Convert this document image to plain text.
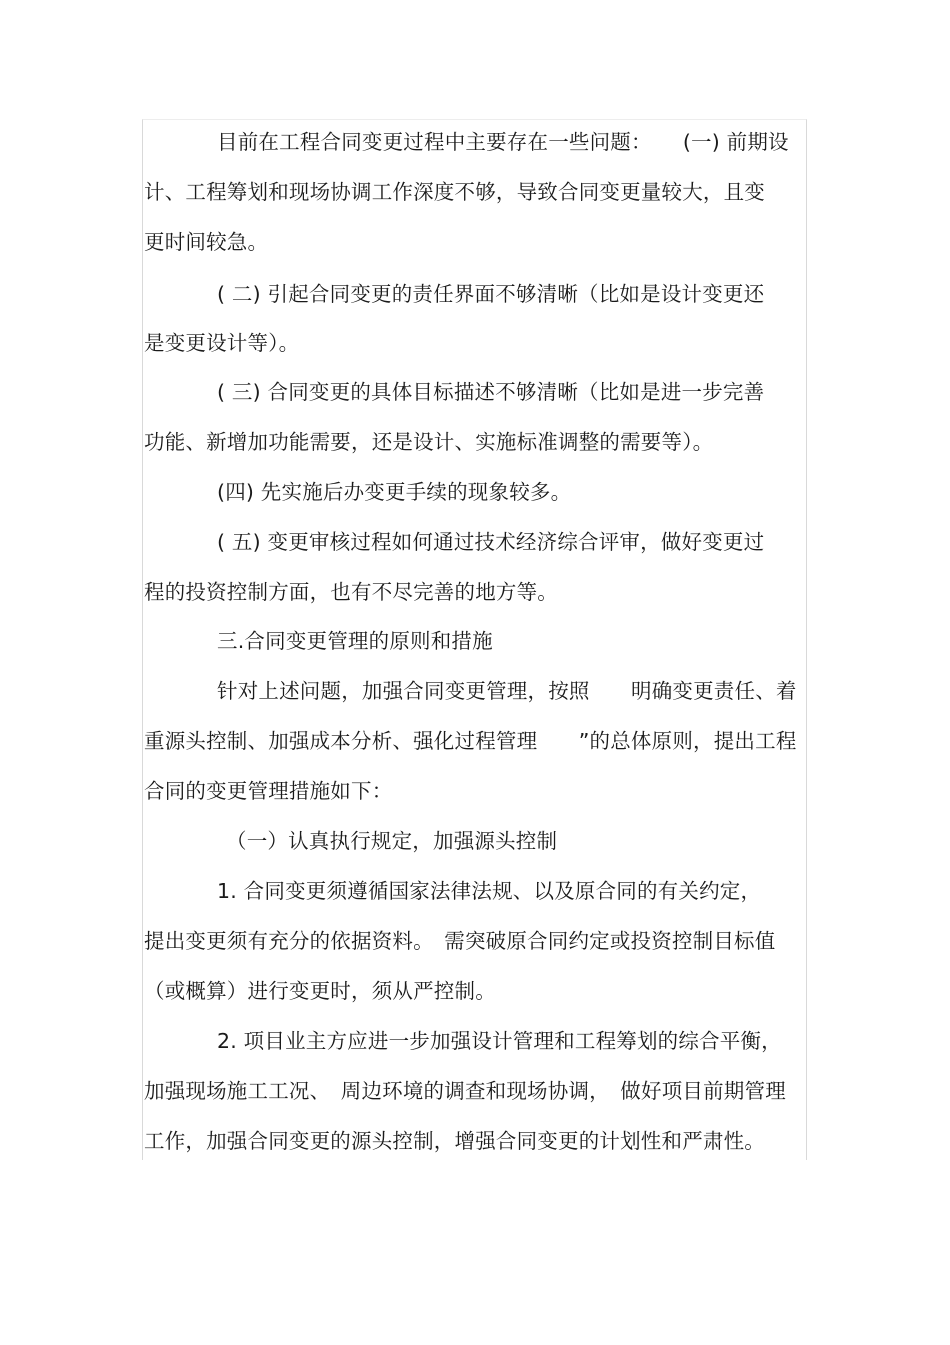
目前在工程合同变更过程中主要存在一些问题：　　(一) 前期设
计、工程筹划和现场协调工作深度不够，导致合同变更量较大，且变
更时间较急。
( 二) 引起合同变更的责任界面不够清晰（比如是设计变更还
是变更设计等）。
( 三) 合同变更的具体目标描述不够清晰（比如是进一步完善
功能、新增加功能需要，还是设计、实施标准调整的需要等）。
(四) 先实施后办变更手续的现象较多。
( 五) 变更审核过程如何通过技术经济综合评审，做好变更过
程的投资控制方面，也有不尽完善的地方等。
三.合同变更管理的原则和措施
针对上述问题，加强合同变更管理，按照　　明确变更责任、着
重源头控制、加强成本分析、强化过程管理　　”的总体原则，提出工程
合同的变更管理措施如下：
（一）认真执行规定，加强源头控制
1. 合同变更须遵循国家法律法规、以及原合同的有关约定，
提出变更须有充分的依据资料。　需突破原合同约定或投资控制目标值
（或概算）进行变更时，须从严控制。
2. 项目业主方应进一步加强设计管理和工程筹划的综合平衡，
加强现场施工工况、　周边环境的调查和现场协调，　做好项目前期管理
工作，加强合同变更的源头控制，增强合同变更的计划性和严肃性。
